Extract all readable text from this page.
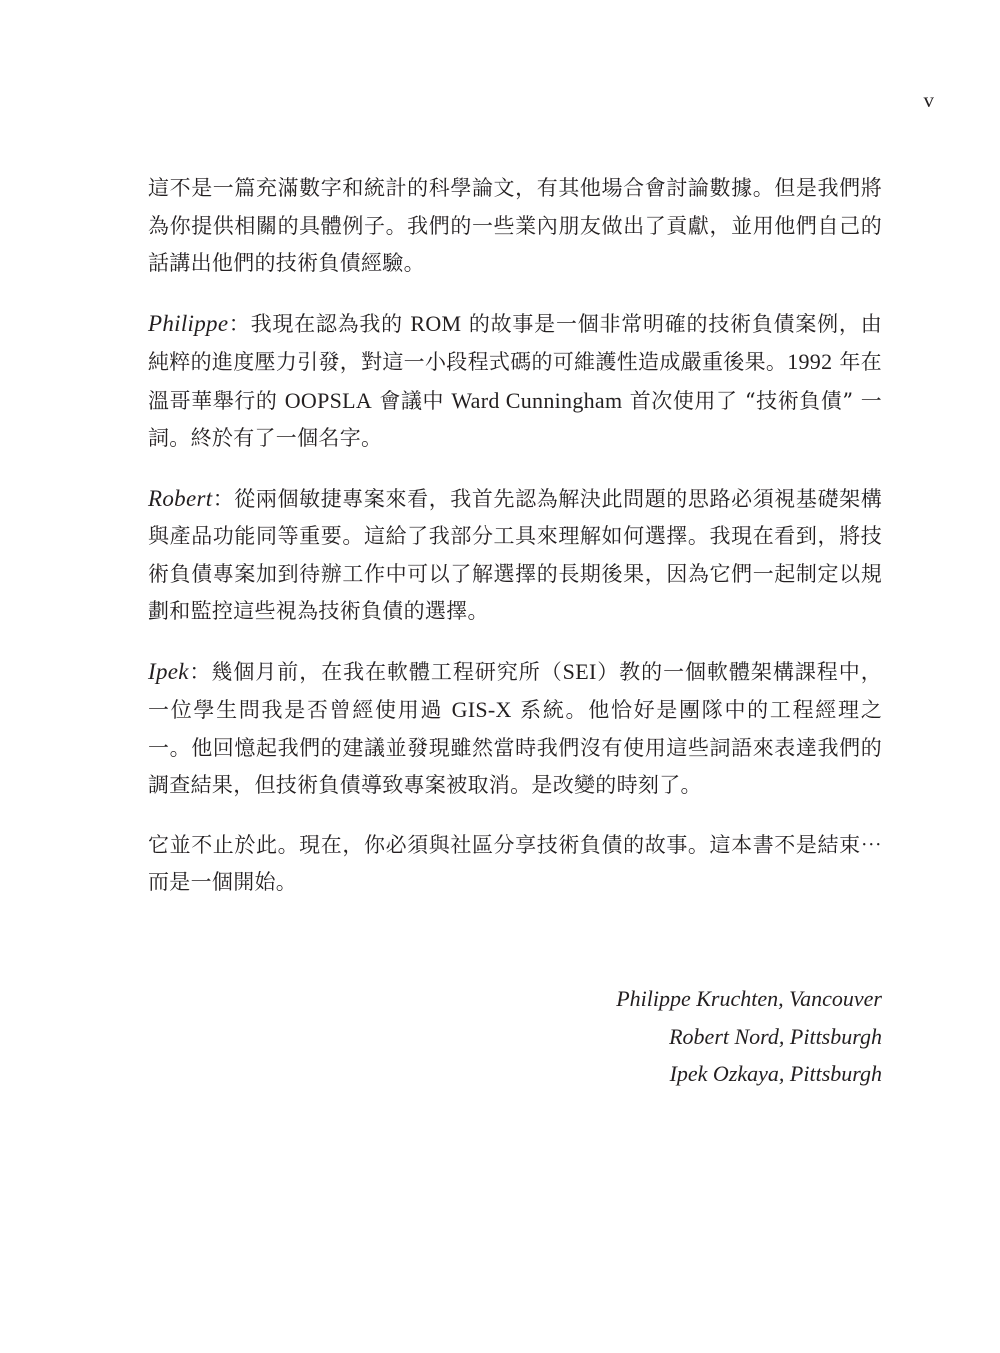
v

這不是一篇充滿數字和統計的科學論文，有其他場合會討論數據。但是我們將為你提供相關的具體例子。我們的一些業內朋友做出了貢獻，並用他們自己的話講出他們的技術負債經驗。

Philippe：我現在認為我的 ROM 的故事是一個非常明確的技術負債案例，由純粹的進度壓力引發，對這一小段程式碼的可維護性造成嚴重後果。1992 年在溫哥華舉行的 OOPSLA 會議中 Ward Cunningham 首次使用了 “技術負債” 一詞。終於有了一個名字。

Robert：從兩個敏捷專案來看，我首先認為解決此問題的思路必須視基礎架構與產品功能同等重要。這給了我部分工具來理解如何選擇。我現在看到，將技術負債專案加到待辦工作中可以了解選擇的長期後果，因為它們一起制定以規劃和監控這些視為技術負債的選擇。

Ipek：幾個月前，在我在軟體工程研究所（SEI）教的一個軟體架構課程中，一位學生問我是否曾經使用過 GIS-X 系統。他恰好是團隊中的工程經理之一。他回憶起我們的建議並發現雖然當時我們沒有使用這些詞語來表達我們的調查結果，但技術負債導致專案被取消。是改變的時刻了。

它並不止於此。現在，你必須與社區分享技術負債的故事。這本書不是結束⋯而是一個開始。

Philippe Kruchten, Vancouver
Robert Nord, Pittsburgh
Ipek Ozkaya, Pittsburgh
